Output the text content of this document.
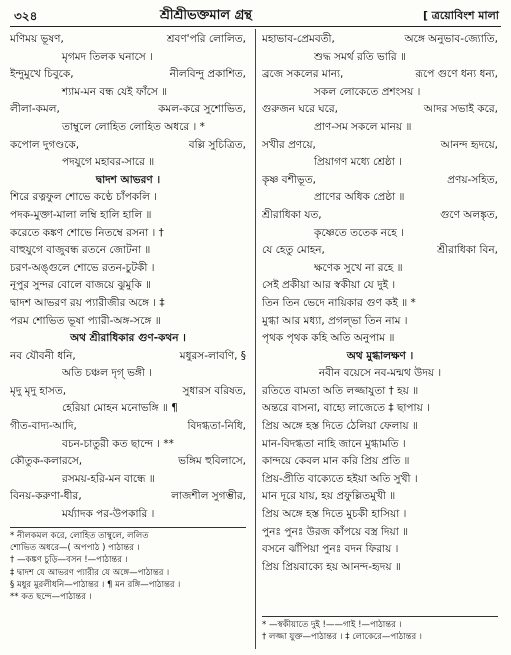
৩২৪	শ্রীশ্রীভক্তমাল গ্রন্থ	[ ত্রয়োবিংশ মালা
মণিময় ভূষণ,	শ্রবণ'পরি লোলিত,
মৃগমদ তিলক ঘনাসে ।
ইন্দুমুখে চিবুকে,	নীলবিন্দু প্রকাশিত,
শ্যাম-মন বন্ধ যেই ফাঁসে ॥
লীলা-কমল,	কমল-করে সুশোভিত,
তাম্বুলে লোহিত লোহিত অধরে । *
কপোল দুগণ্ডকে,	বল্লি সুচিত্রিত,
পদযুগে মহাবর-সারে ॥
দ্বাদশ আভরণ ।
শিরে রত্নফুল শোভে কণ্ঠে চাঁপকলি ।
পদক-মুক্তা-মালা লম্বি হালি হালি ॥
করেতে কঙ্কণ শোভে নিতম্বে রসনা । †
বাহুযুগে বাজুবন্ধ রতনে জোটনা ॥
চরণ-অঙ্গুলে শোভে রতন-চুটকী ।
নূপুর সুন্দর বোলে বাজয়ে ঝুমুকি ॥
দ্বাদশ আভরণ রয় প্যারীজীর অঙ্গে । ‡
পরম শোভিত ভূষা প্যারী-অঙ্গ-সঙ্গে ॥
অথ শ্রীরাধিকার গুণ-কথন ।
নব যৌবনী ধনি,	মধুরস-লাবণি, §
অতি চঞ্চল দৃগ্ ভঙ্গী ।
মৃদু মৃদু হাসত,	সুধারস বরিষত,
হেরিয়া মোহন মনোভঙ্গি ॥ ¶
গীত-বাদ্য-আদি,	বিদগ্ধতা-নিধি,
বচন-চাতুরী কত ছান্দে । **
কৌতুক-কলারসে,	ভঙ্গিম হুবিলাসে,
রসময়-হরি-মন বান্ধে ॥
বিনয়-করুণা-ধীর,	লাজশীল সুগম্ভীর,
মর্য্যাদক পর-উপকারি ।
মহাভাব-প্রেমবতী,	অঙ্গে অনুভাব-জ্যোতি,
শুদ্ধ সমর্থ রতি ভারি ॥
ব্রজে সকলের মান্য,	রূপে গুণে ধন্য ধন্য,
সকল লোকেতে প্রশংসয় ।
গুরুজন ঘরে ঘরে,	আদর সভাই করে,
প্রাণ-সম সকলে মানয় ॥
সখীর প্রণয়ে,	আনন্দ হৃদয়ে,
প্রিয়াগণ মধ্যে শ্রেষ্ঠা ।
কৃষ্ণ বশীভূত,	প্রণয়-সহিত,
প্রাণের অধিক প্রেষ্ঠা ॥
শ্রীরাধিকা যত,	গুণে অলঙ্কৃত,
কৃষ্ণেতে ততেক নহে ।
যে হেতু মোহন,	শ্রীরাধিকা বিন,
ক্ষণেক সুখে না রহে ॥
সেই প্রকীয়া আর স্বকীয়া যে দুই ।
তিন তিন ভেদে নায়িকার গুণ কই ॥ *
মুগ্ধা আর মধ্যা, প্রগল্ভা তিন নাম ।
পৃথক পৃথক কহি অতি অনুপাম ॥
অথ মুগ্ধালক্ষণ ।
নবীন বয়েসে নব-মন্মথ উদয় ।
রতিতে বামতা অতি লজ্জাযুতা † হয় ॥
অন্তরে বাসনা, বাহ্যে লাজেতে ‡ ছাপায় ।
প্রিয় অঙ্গে হস্ত দিতে ঠেলিয়া ফেলায় ॥
মান-বিদগ্ধতা নাহি জানে মুগ্ধামতি ।
কান্দয়ে কেবল মান করি প্রিয় প্রতি ॥
প্রিয়-প্রীতি বাক্যেতে হইয়া অতি সুখী ।
মান দূরে যায়, হয় প্রফুল্লিতমুখী ॥
প্রিয় অঙ্গে হস্ত দিতে মুচকী হাসিয়া ।
পুনঃ পুনঃ উরজ কাঁপয়ে বস্ত্র দিয়া ॥
বসনে ঝাঁপিয়া পুনঃ বদন ফিরায় ।
প্রিয় প্রিয়বাক্যে হয় আনন্দ-হৃদয় ॥
* নীলকমল করে, লোহিত তাম্বুলে, ললিত
শোভিত অধরে—( অপপাঠ ) পাঠান্তর ।
† —কঙ্কণ চুড়ি—বসন !—পাঠান্তর ।
‡ দ্বাদশ যে আভরণ প্যারীর যে অঙ্গে—পাঠান্তর ।
§ মধুর মুরলীধনি—পাঠান্তর । ¶ মন রঙ্গি—পাঠান্তর ।
** কত ছন্দে—পাঠান্তর ।
* —স্বকীয়াতে দুই !——গাই !—পাঠান্তর ।
† লজ্জা যুক্ত—পাঠান্তর । ‡ লোকেরে—পাঠান্তর ।
